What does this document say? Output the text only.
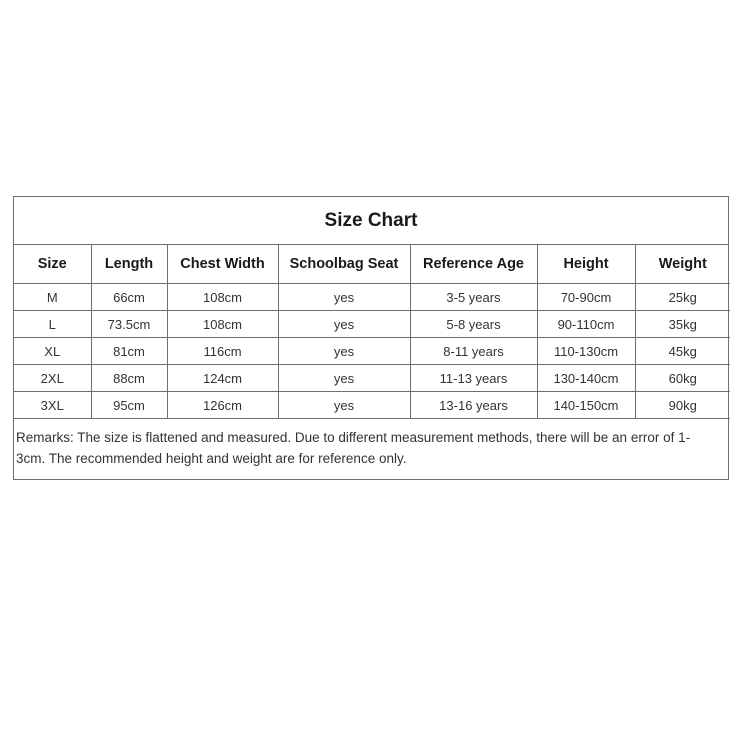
Size Chart
Size	Length	Chest Width	Schoolbag Seat	Reference Age	Height	Weight
M	66cm	108cm	yes	3-5 years	70-90cm	25kg
L	73.5cm	108cm	yes	5-8 years	90-110cm	35kg
XL	81cm	116cm	yes	8-11 years	110-130cm	45kg
2XL	88cm	124cm	yes	11-13 years	130-140cm	60kg
3XL	95cm	126cm	yes	13-16 years	140-150cm	90kg
Remarks: The size is flattened and measured. Due to different measurement methods, there will be an error of 1-
3cm. The recommended height and weight are for reference only.
